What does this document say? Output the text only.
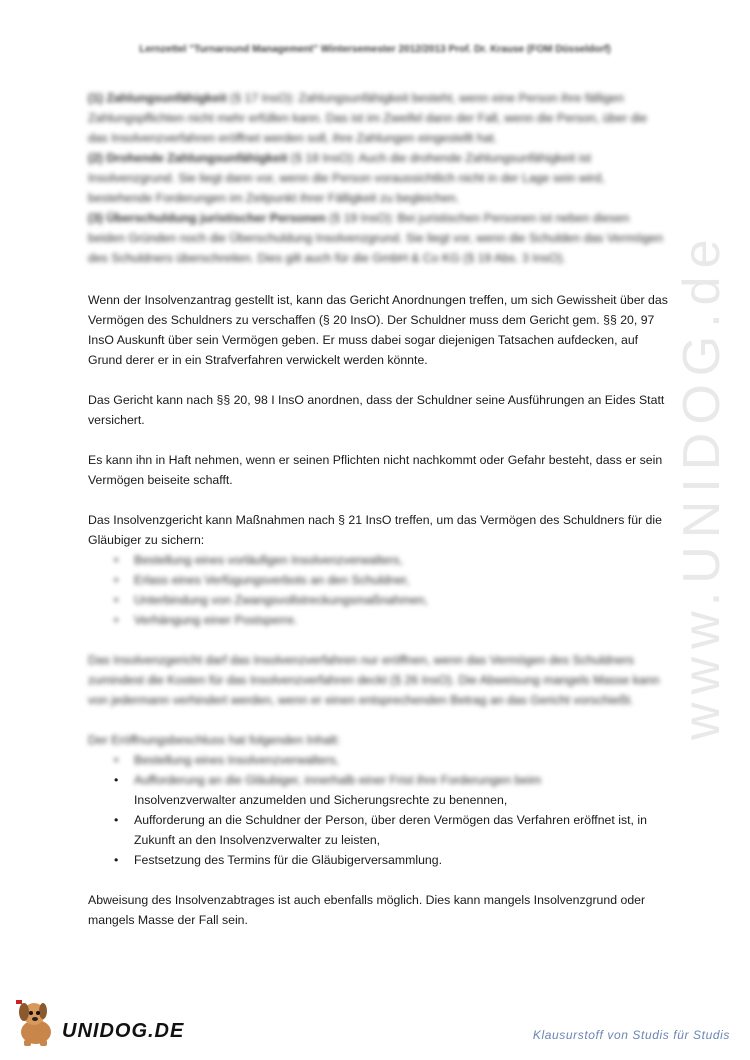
Lernzettel "Turnaround Management" Wintersemester 2012/2013 Prof. Dr. Krause (FOM Düsseldorf)

(1) Zahlungsunfähigkeit (§ 17 InsO): Zahlungsunfähigkeit besteht, wenn eine Person ihre fälligen Zahlungspflichten nicht mehr erfüllen kann. Das ist im Zweifel dann der Fall, wenn die Person, über die das Insolvenzverfahren eröffnet werden soll, ihre Zahlungen eingestellt hat.

(2) Drohende Zahlungsunfähigkeit (§ 18 InsO): Auch die drohende Zahlungsunfähigkeit ist Insolvenzgrund. Sie liegt dann vor, wenn die Person voraussichtlich nicht in der Lage sein wird, bestehende Forderungen im Zeitpunkt ihrer Fälligkeit zu begleichen.

(3) Überschuldung juristischer Personen (§ 19 InsO): Bei juristischen Personen ist neben diesen beiden Gründen noch die Überschuldung Insolvenzgrund. Sie liegt vor, wenn die Schulden das Vermögen des Schuldners überschreiten. Dies gilt auch für die GmbH & Co KG (§ 19 Abs. 3 InsO).

Wenn der Insolvenzantrag gestellt ist, kann das Gericht Anordnungen treffen, um sich Gewissheit über das Vermögen des Schuldners zu verschaffen (§ 20 InsO). Der Schuldner muss dem Gericht gem. §§ 20, 97 InsO Auskunft über sein Vermögen geben. Er muss dabei sogar diejenigen Tatsachen aufdecken, auf Grund derer er in ein Strafverfahren verwickelt werden könnte.

Das Gericht kann nach §§ 20, 98 I InsO anordnen, dass der Schuldner seine Ausführungen an Eides Statt versichert.

Es kann ihn in Haft nehmen, wenn er seinen Pflichten nicht nachkommt oder Gefahr besteht, dass er sein Vermögen beiseite schafft.

Das Insolvenzgericht kann Maßnahmen nach § 21 InsO treffen, um das Vermögen des Schuldners für die Gläubiger zu sichern:

• Bestellung eines vorläufigen Insolvenzverwalters,
• Erlass eines Verfügungsverbots an den Schuldner,
• Unterbindung von Zwangsvollstreckungsmaßnahmen,
• Verhängung einer Postsperre.

Das Insolvenzgericht darf das Insolvenzverfahren nur eröffnen, wenn das Vermögen des Schuldners zumindest die Kosten für das Insolvenzverfahren deckt (§ 26 InsO). Die Abweisung mangels Masse kann von jedermann verhindert werden, wenn er einen entsprechenden Betrag an das Gericht vorschießt.

Der Eröffnungsbeschluss hat folgenden Inhalt:

• Bestellung eines Insolvenzverwalters,
• Aufforderung an die Gläubiger, innerhalb einer Frist ihre Forderungen beim
Insolvenzverwalter anzumelden und Sicherungsrechte zu benennen,
• Aufforderung an die Schuldner der Person, über deren Vermögen das Verfahren eröffnet ist, in Zukunft an den Insolvenzverwalter zu leisten,
• Festsetzung des Termins für die Gläubigerversammlung.

Abweisung des Insolvenzabtrages ist auch ebenfalls möglich. Dies kann mangels Insolvenzgrund oder mangels Masse der Fall sein.

www.UNIDOG.de
UNIDOG.DE	Klausurstoff von Studis für Studis
